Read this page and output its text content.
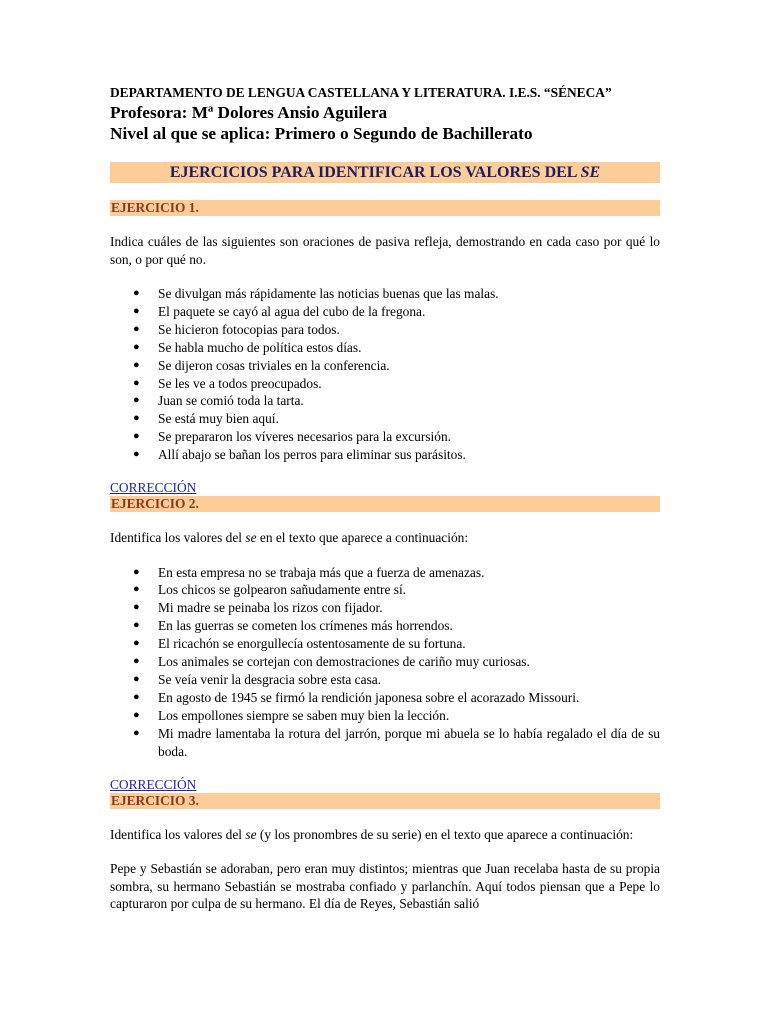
DEPARTAMENTO DE LENGUA CASTELLANA Y LITERATURA. I.E.S. “SÉNECA”
Profesora: Mª Dolores Ansio Aguilera
Nivel al que se aplica: Primero o Segundo de Bachillerato
EJERCICIOS PARA IDENTIFICAR LOS VALORES DEL SE
EJERCICIO 1.

Indica cuáles de las siguientes son oraciones de pasiva refleja, demostrando en cada caso por qué lo son, o por qué no.

● Se divulgan más rápidamente las noticias buenas que las malas.
● El paquete se cayó al agua del cubo de la fregona.
● Se hicieron fotocopias para todos.
● Se habla mucho de política estos días.
● Se dijeron cosas triviales en la conferencia.
● Se les ve a todos preocupados.
● Juan se comió toda la tarta.
● Se está muy bien aquí.
● Se prepararon los víveres necesarios para la excursión.
● Allí abajo se bañan los perros para eliminar sus parásitos.
CORRECCIÓN
EJERCICIO 2.

Identifica los valores del se en el texto que aparece a continuación:

● En esta empresa no se trabaja más que a fuerza de amenazas.
● Los chicos se golpearon sañudamente entre sí.
● Mi madre se peinaba los rizos con fijador.
● En las guerras se cometen los crímenes más horrendos.
● El ricachón se enorgullecía ostentosamente de su fortuna.
● Los animales se cortejan con demostraciones de cariño muy curiosas.
● Se veía venir la desgracia sobre esta casa.
● En agosto de 1945 se firmó la rendición japonesa sobre el acorazado Missouri.
● Los empollones siempre se saben muy bien la lección.
● Mi madre lamentaba la rotura del jarrón, porque mi abuela se lo había regalado el día de su boda.
CORRECCIÓN
EJERCICIO 3.

Identifica los valores del se (y los pronombres de su serie) en el texto que aparece a continuación:

Pepe y Sebastián se adoraban, pero eran muy distintos; mientras que Juan recelaba hasta de su propia sombra, su hermano Sebastián se mostraba confiado y parlanchín. Aquí todos piensan que a Pepe lo capturaron por culpa de su hermano. El día de Reyes, Sebastián salió
